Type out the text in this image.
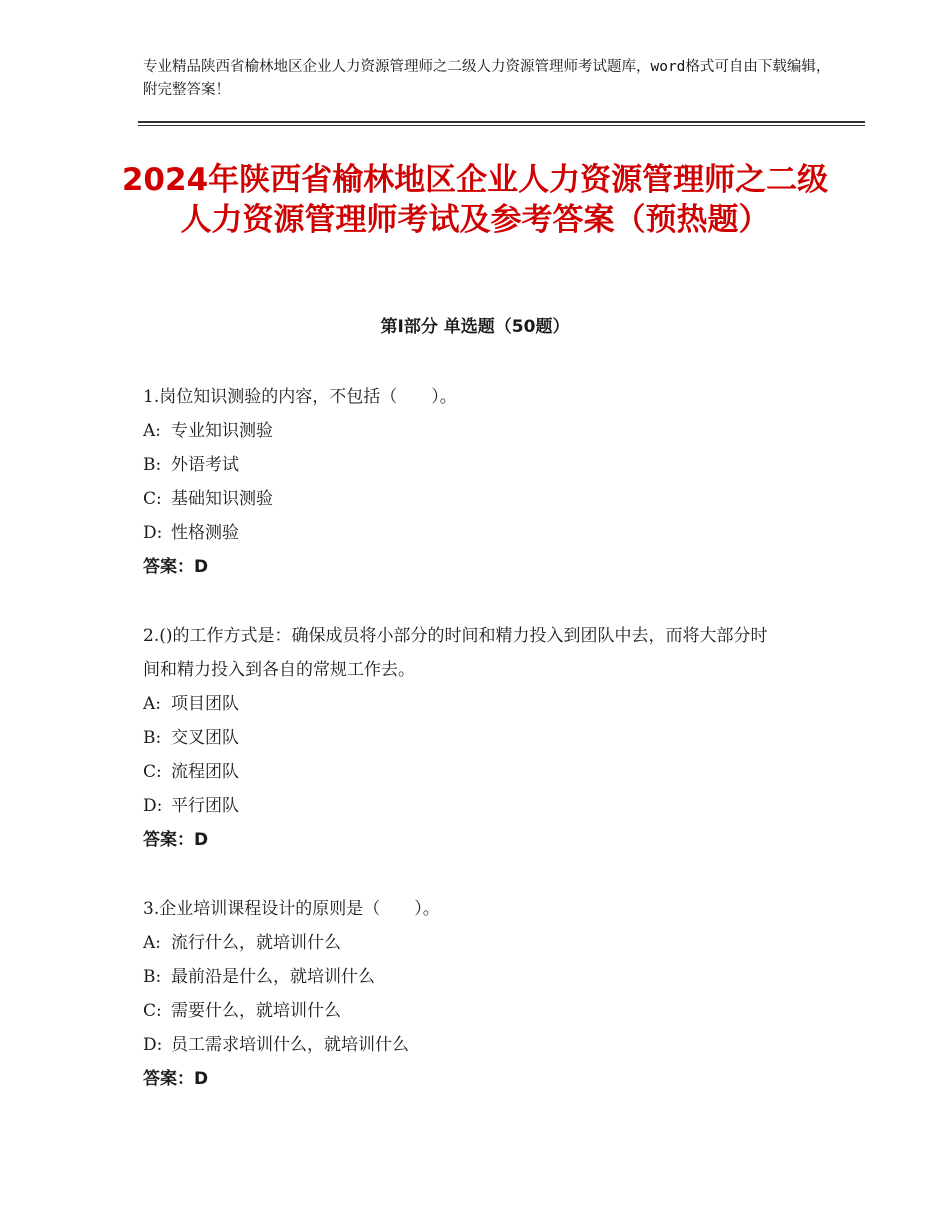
专业精品陕西省榆林地区企业人力资源管理师之二级人力资源管理师考试题库，word格式可自由下载编辑，附完整答案！
2024年陕西省榆林地区企业人力资源管理师之二级人力资源管理师考试及参考答案（预热题）
第Ⅰ部分 单选题（50题）
1.岗位知识测验的内容，不包括（　　）。
A: 专业知识测验
B: 外语考试
C: 基础知识测验
D: 性格测验
答案：D
2.()的工作方式是：确保成员将小部分的时间和精力投入到团队中去，而将大部分时间和精力投入到各自的常规工作去。
A: 项目团队
B: 交叉团队
C: 流程团队
D: 平行团队
答案：D
3.企业培训课程设计的原则是（　　）。
A: 流行什么，就培训什么
B: 最前沿是什么，就培训什么
C: 需要什么，就培训什么
D: 员工需求培训什么，就培训什么
答案：D
